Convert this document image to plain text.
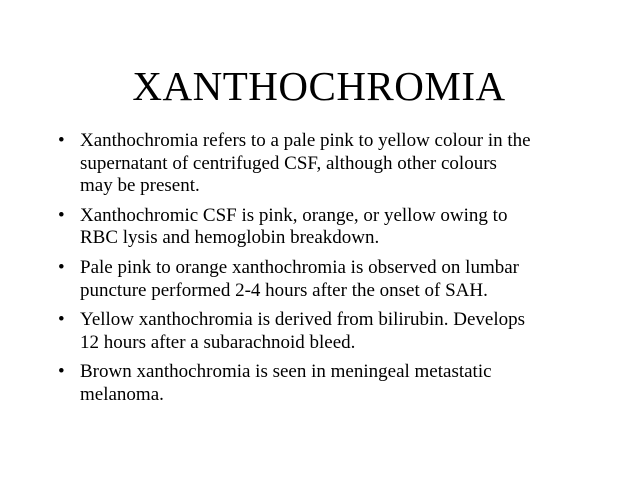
XANTHOCHROMIA
• Xanthochromia refers to a pale pink to yellow colour in the
supernatant of centrifuged CSF, although other colours
may be present.
• Xanthochromic CSF is pink, orange, or yellow owing to
RBC lysis and hemoglobin breakdown.
• Pale pink to orange xanthochromia is observed on lumbar
puncture performed 2-4 hours after the onset of SAH.
• Yellow xanthochromia is derived from bilirubin. Develops
12 hours after a subarachnoid bleed.
• Brown xanthochromia is seen in meningeal metastatic
melanoma.
